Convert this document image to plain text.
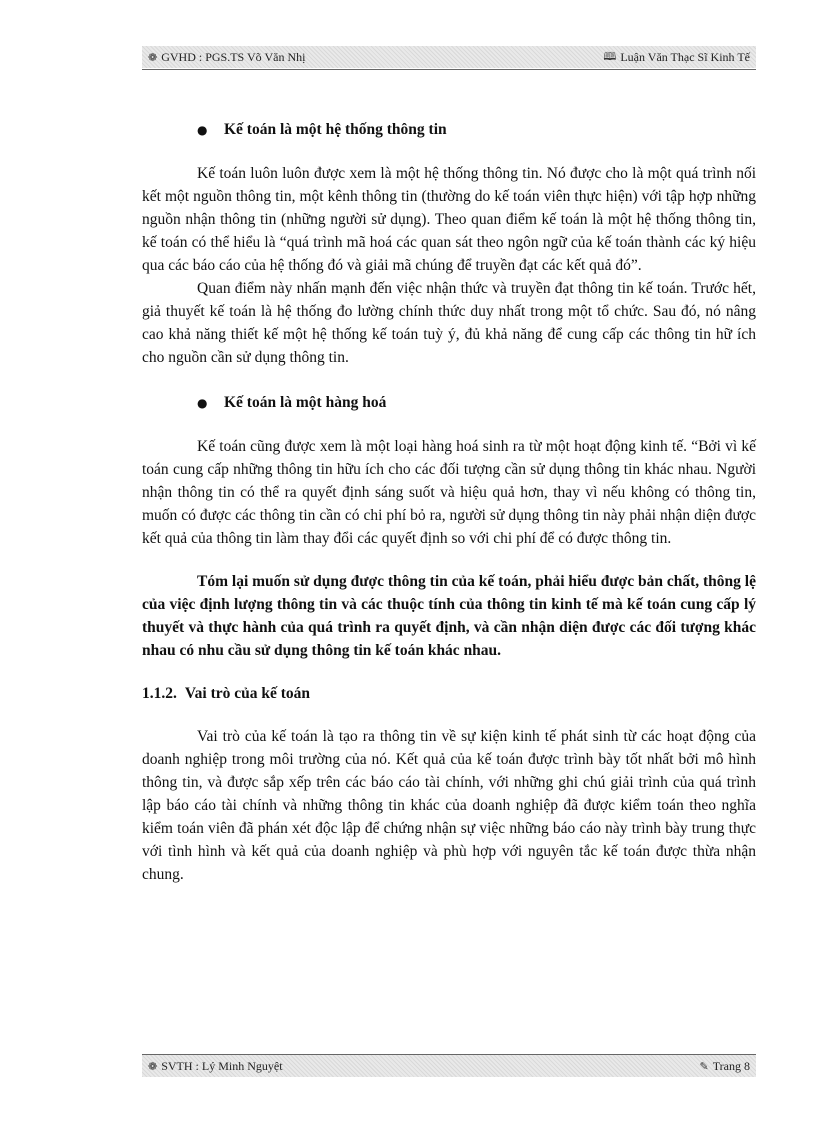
❁ GVHD : PGS.TS Võ Văn Nhị	🕮 Luận Văn Thạc Sĩ Kinh Tế
●	Kế toán là một hệ thống thông tin

Kế toán luôn luôn được xem là một hệ thống thông tin. Nó được cho là một quá trình nối kết một nguồn thông tin, một kênh thông tin (thường do kế toán viên thực hiện) với tập hợp những nguồn nhận thông tin (những người sử dụng). Theo quan điểm kế toán là một hệ thống thông tin, kế toán có thể hiểu là “quá trình mã hoá các quan sát theo ngôn ngữ của kế toán thành các ký hiệu qua các báo cáo của hệ thống đó và giải mã chúng để truyền đạt các kết quả đó”.

Quan điểm này nhấn mạnh đến việc nhận thức và truyền đạt thông tin kế toán. Trước hết, giả thuyết kế toán là hệ thống đo lường chính thức duy nhất trong một tổ chức. Sau đó, nó nâng cao khả năng thiết kế một hệ thống kế toán tuỳ ý, đủ khả năng để cung cấp các thông tin hữ ích cho nguồn cần sử dụng thông tin.

●	Kế toán là một hàng hoá

Kế toán cũng được xem là một loại hàng hoá sinh ra từ một hoạt động kinh tế. “Bởi vì kế toán cung cấp những thông tin hữu ích cho các đối tượng cần sử dụng thông tin khác nhau. Người nhận thông tin có thể ra quyết định sáng suốt và hiệu quả hơn, thay vì nếu không có thông tin, muốn có được các thông tin cần có chi phí bỏ ra, người sử dụng thông tin này phải nhận diện được kết quả của thông tin làm thay đổi các quyết định so với chi phí để có được thông tin.

Tóm lại muốn sử dụng được thông tin của kế toán, phải hiểu được bản chất, thông lệ của việc định lượng thông tin và các thuộc tính của thông tin kinh tế mà kế toán cung cấp lý thuyết và thực hành của quá trình ra quyết định, và cần nhận diện được các đối tượng khác nhau có nhu cầu sử dụng thông tin kế toán khác nhau.

1.1.2. Vai trò của kế toán

Vai trò của kế toán là tạo ra thông tin về sự kiện kinh tế phát sinh từ các hoạt động của doanh nghiệp trong môi trường của nó. Kết quả của kế toán được trình bày tốt nhất bởi mô hình thông tin, và được sắp xếp trên các báo cáo tài chính, với những ghi chú giải trình của quá trình lập báo cáo tài chính và những thông tin khác của doanh nghiệp đã được kiểm toán theo nghĩa kiểm toán viên đã phán xét độc lập để chứng nhận sự việc những báo cáo này trình bày trung thực với tình hình và kết quả của doanh nghiệp và phù hợp với nguyên tắc kế toán được thừa nhận chung.

❁ SVTH : Lý Minh Nguyệt	✎ Trang 8
